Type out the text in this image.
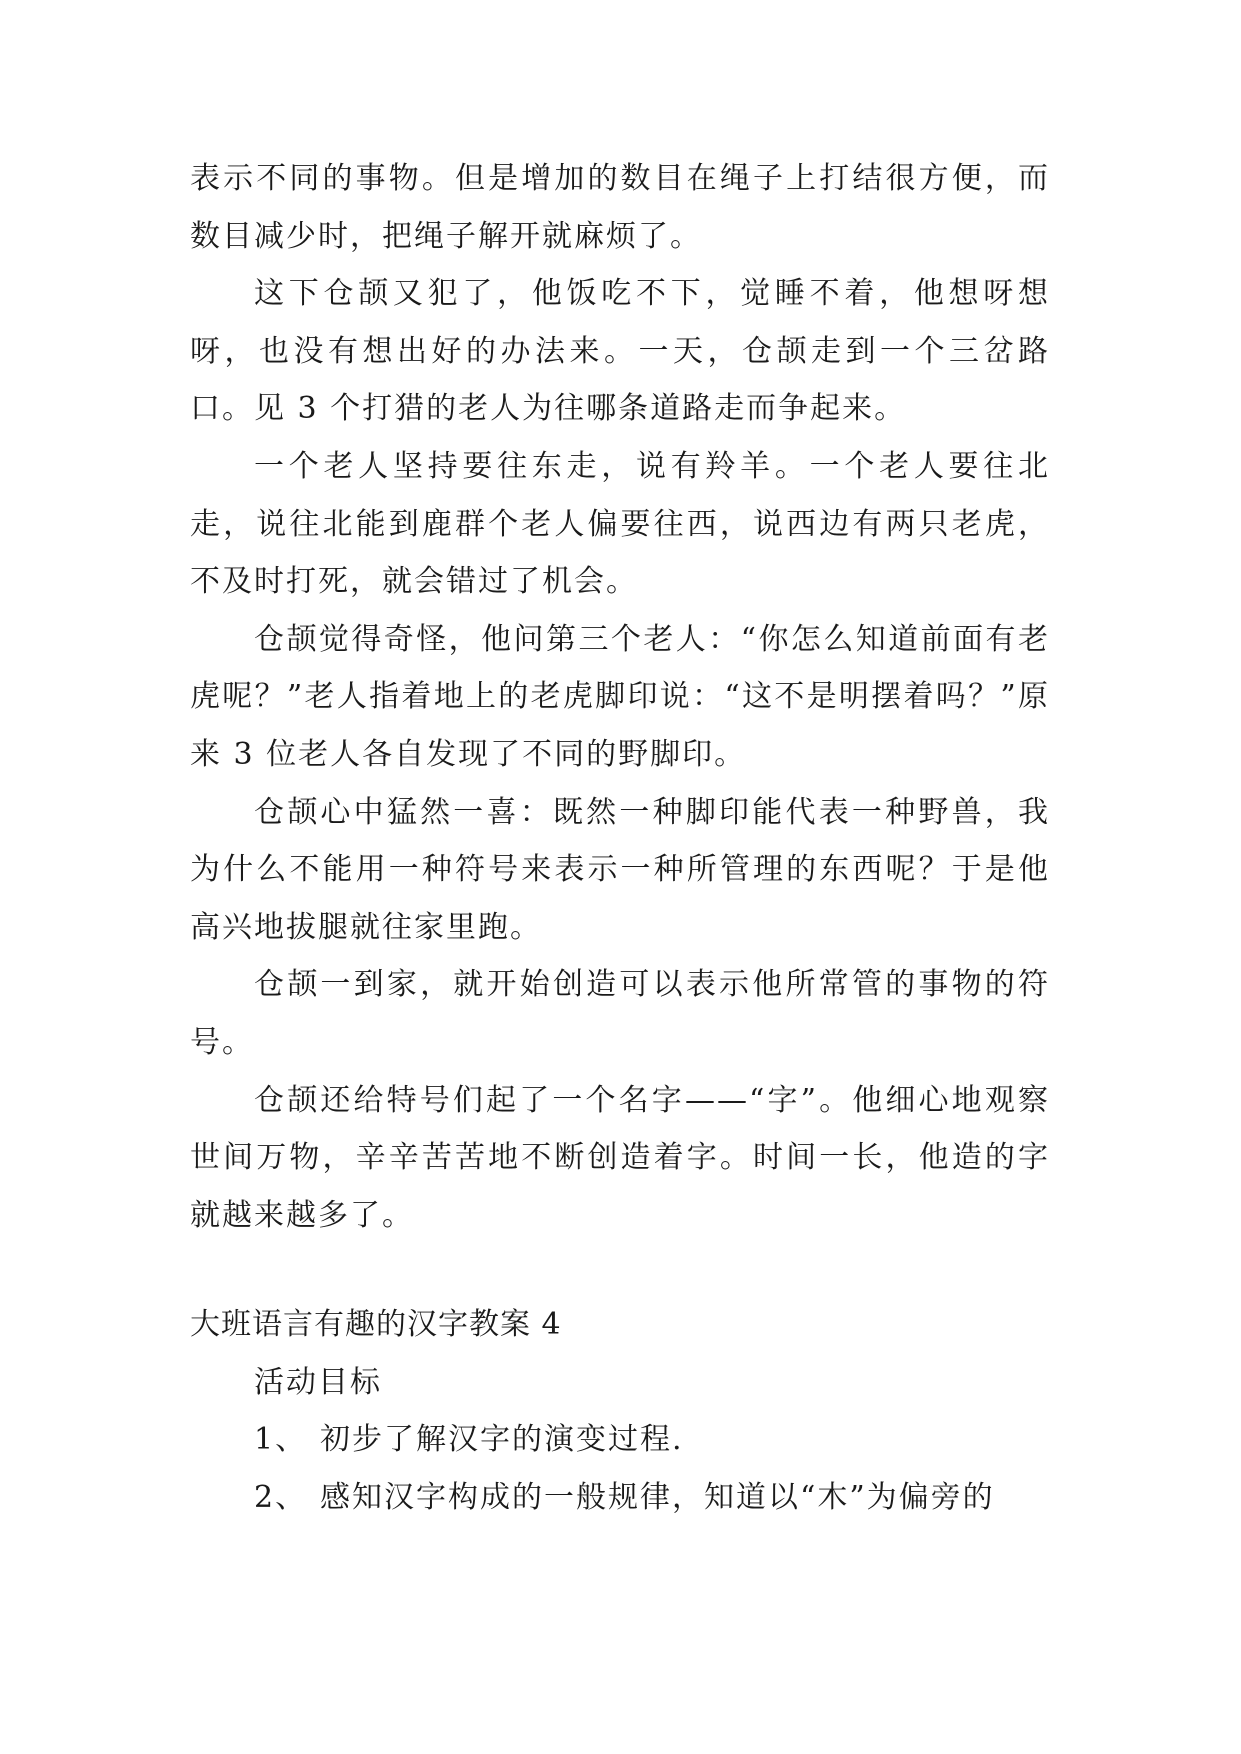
表示不同的事物。但是增加的数目在绳子上打结很方便，而数目减少时，把绳子解开就麻烦了。

这下仓颉又犯了，他饭吃不下，觉睡不着，他想呀想呀，也没有想出好的办法来。一天，仓颉走到一个三岔路口。见 3 个打猎的老人为往哪条道路走而争起来。

一个老人坚持要往东走，说有羚羊。一个老人要往北走，说往北能到鹿群个老人偏要往西，说西边有两只老虎，不及时打死，就会错过了机会。

仓颉觉得奇怪，他问第三个老人：“你怎么知道前面有老虎呢？”老人指着地上的老虎脚印说：“这不是明摆着吗？”原来 3 位老人各自发现了不同的野脚印。

仓颉心中猛然一喜：既然一种脚印能代表一种野兽，我为什么不能用一种符号来表示一种所管理的东西呢？于是他高兴地拔腿就往家里跑。

仓颉一到家，就开始创造可以表示他所常管的事物的符号。

仓颉还给特号们起了一个名字——“字”。他细心地观察世间万物，辛辛苦苦地不断创造着字。时间一长，他造的字就越来越多了。

大班语言有趣的汉字教案 4

活动目标

1、 初步了解汉字的演变过程.

2、 感知汉字构成的一般规律，知道以“木”为偏旁的
